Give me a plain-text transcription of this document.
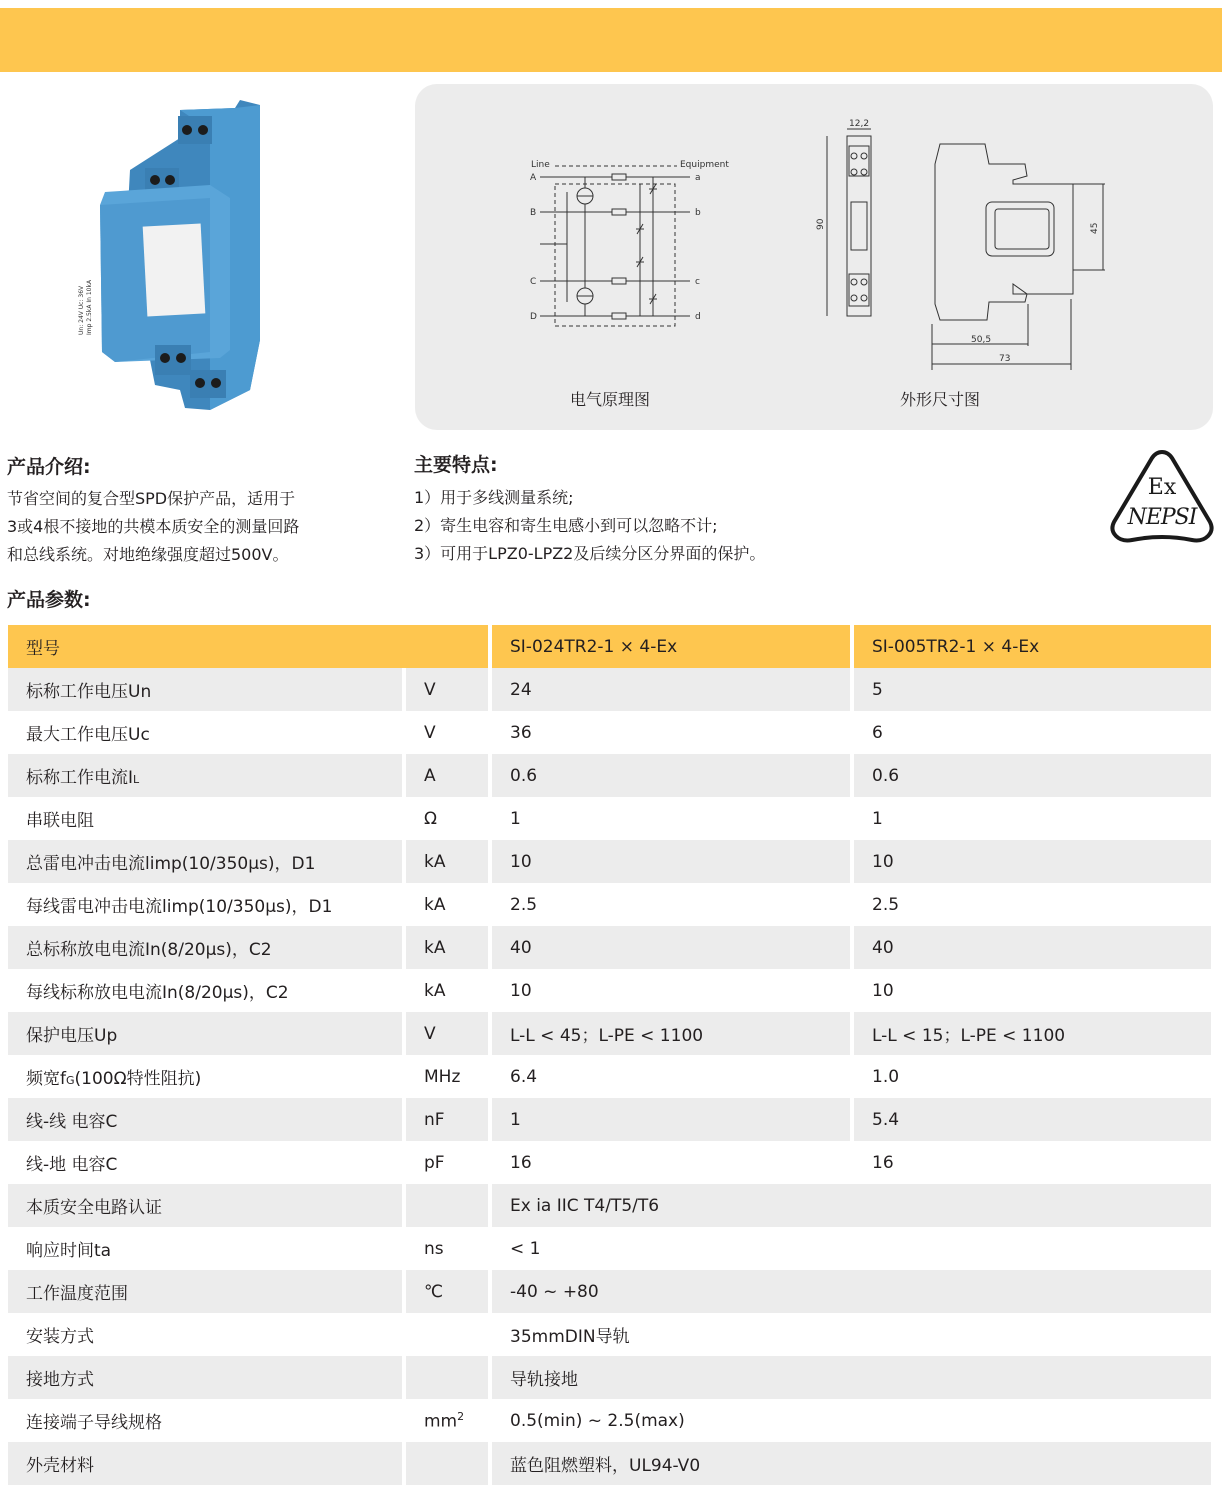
Un: 24V Uc: 36V Imp 2.5kA In 10kA
Line	Equipment
A
B
C
D
a
b
c
d
12,2
90	45
50,5
73
电气原理图	外形尺寸图
产品介绍:
节省空间的复合型SPD保护产品，适用于
3或4根不接地的共模本质安全的测量回路
和总线系统。对地绝缘强度超过500V。
主要特点:
1）用于多线测量系统;
2）寄生电容和寄生电感小到可以忽略不计;
3）可用于LPZ0-LPZ2及后续分区分界面的保护。
Ex
NEPSI
产品参数:
型号		SI-024TR2-1 × 4-Ex	SI-005TR2-1 × 4-Ex
标称工作电压Un	V	24	5
最大工作电压Uc	V	36	6
标称工作电流IL	A	0.6	0.6
串联电阻	Ω	1	1
总雷电冲击电流limp(10/350μs)，D1	kA	10	10
每线雷电冲击电流limp(10/350μs)，D1	kA	2.5	2.5
总标称放电电流In(8/20μs)，C2	kA	40	40
每线标称放电电流In(8/20μs)，C2	kA	10	10
保护电压Up	V	L-L < 45；L-PE < 1100	L-L < 15；L-PE < 1100
频宽fG(100Ω特性阻抗)	MHz	6.4	1.0
线-线 电容C	nF	1	5.4
线-地 电容C	pF	16	16
本质安全电路认证		Ex ia IIC T4/T5/T6	
响应时间ta	ns	< 1	
工作温度范围	℃	-40 ~ +80	
安装方式		35mmDIN导轨	
接地方式		导轨接地	
连接端子导线规格	$mm^2$	0.5(min) ~ 2.5(max)	
外壳材料		蓝色阻燃塑料，UL94-V0	
